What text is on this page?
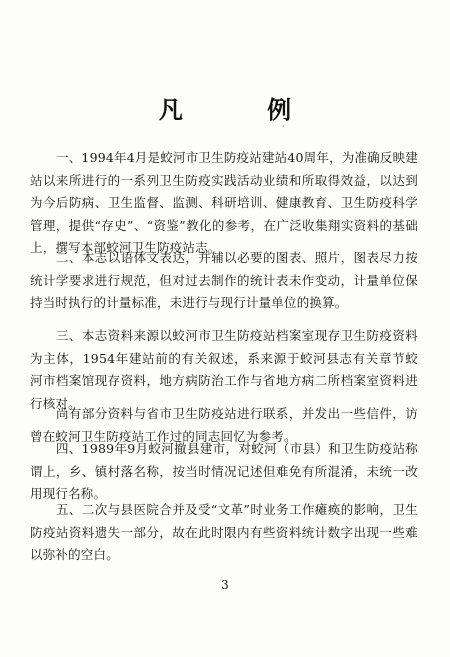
凡 例
·

一、1994年4月是蛟河市卫生防疫站建站40周年，为准确反映建站以来所进行的一系列卫生防疫实践活动业绩和所取得效益，以达到为今后防病、卫生监督、监测、科研培训、健康教育、卫生防疫科学管理，提供“存史”、“资鉴”教化的参考，在广泛收集翔实资料的基础上，撰写本部蛟河卫生防疫站志。

二、本志以语体文表达，并辅以必要的图表、照片，图表尽力按统计学要求进行规范，但对过去制作的统计表未作变动，计量单位保持当时执行的计量标准，未进行与现行计量单位的换算。

三、本志资料来源以蛟河市卫生防疫站档案室现存卫生防疫资料为主体，1954年建站前的有关叙述，系来源于蛟河县志有关章节蛟河市档案馆现存资料，地方病防治工作与省地方病二所档案室资料进行核对。

尚有部分资料与省市卫生防疫站进行联系，并发出一些信件，访曾在蛟河卫生防疫站工作过的同志回忆为参考。

四、1989年9月蛟河撤县建市，对蛟河（市县）和卫生防疫站称谓上，乡、镇村落名称，按当时情况记述但难免有所混淆，未统一改用现行名称。

五、二次与县医院合并及受“文革”时业务工作瘫痪的影响，卫生防疫站资料遗失一部分，故在此时限内有些资料统计数字出现一些难以弥补的空白。

3
